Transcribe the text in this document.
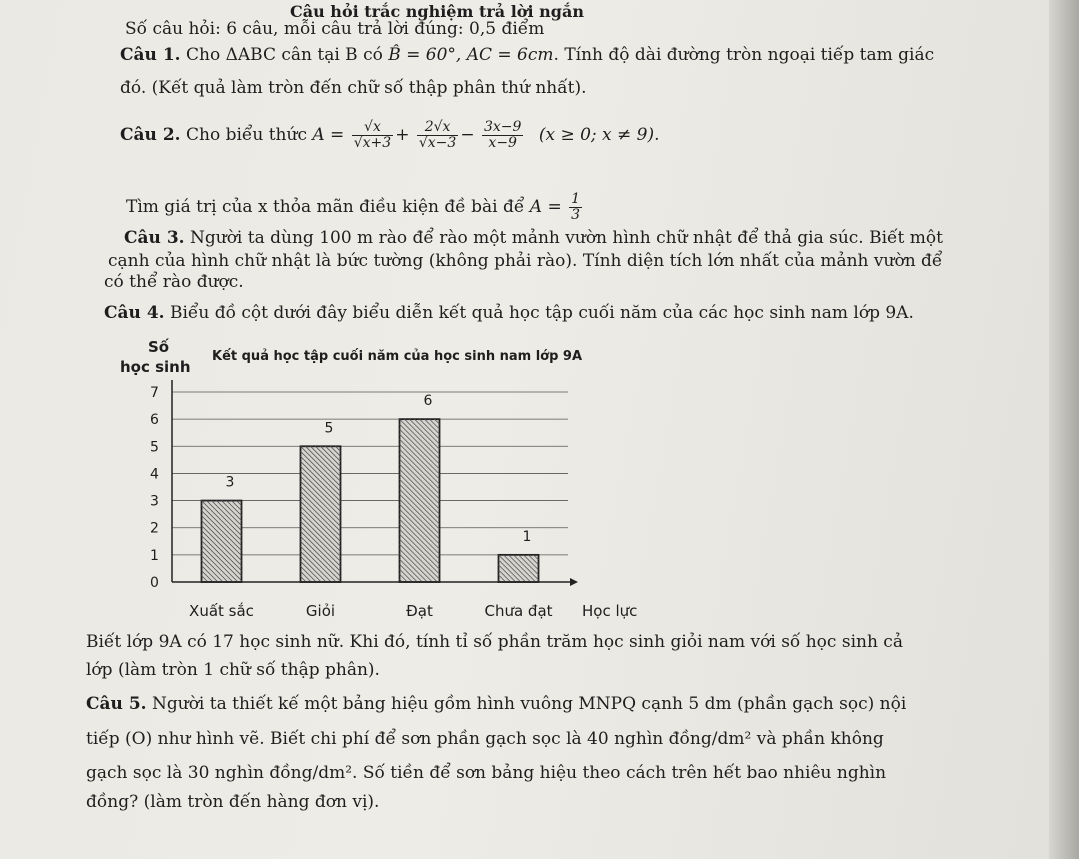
Câu hỏi trắc nghiệm trả lời ngắn
Số câu hỏi: 6 câu, mỗi câu trả lời đúng: 0,5 điểm
Câu 1. Cho ΔABC cân tại B có B̂ = 60°, AC = 6cm. Tính độ dài đường tròn ngoại tiếp tam giác
đó. (Kết quả làm tròn đến chữ số thập phân thứ nhất).
Câu 2. Cho biểu thức $A = \frac{√x}{√x+3} + \frac{2√x}{√x-3} - \frac{3x-9}{x-9} (x \ge 0$; x ≠ 9).
Tìm giá trị của x thỏa mãn điều kiện đề bài để $A = \frac{1}{3}$
Câu 3. Người ta dùng 100 m rào để rào một mảnh vườn hình chữ nhật để thả gia súc. Biết một
cạnh của hình chữ nhật là bức tường (không phải rào). Tính diện tích lớn nhất của mảnh vườn để
có thể rào được.
Câu 4. Biểu đồ cột dưới đây biểu diễn kết quả học tập cuối năm của các học sinh nam lớp 9A.
Số
học sinh
Kết quả học tập cuối năm của học sinh nam lớp 9A
0
1
2
3
4
5
6
7
3
5
6
1
Xuất sắc	Giỏi	Đạt	Chưa đạt Học lực
Biết lớp 9A có 17 học sinh nữ. Khi đó, tính tỉ số phần trăm học sinh giỏi nam với số học sinh cả
lớp (làm tròn 1 chữ số thập phân).
Câu 5. Người ta thiết kế một bảng hiệu gồm hình vuông MNPQ cạnh 5 dm (phần gạch sọc) nội
tiếp (O) như hình vẽ. Biết chi phí để sơn phần gạch sọc là 40 nghìn đồng/dm² và phần không
gạch sọc là 30 nghìn đồng/dm². Số tiền để sơn bảng hiệu theo cách trên hết bao nhiêu nghìn
đồng? (làm tròn đến hàng đơn vị).
